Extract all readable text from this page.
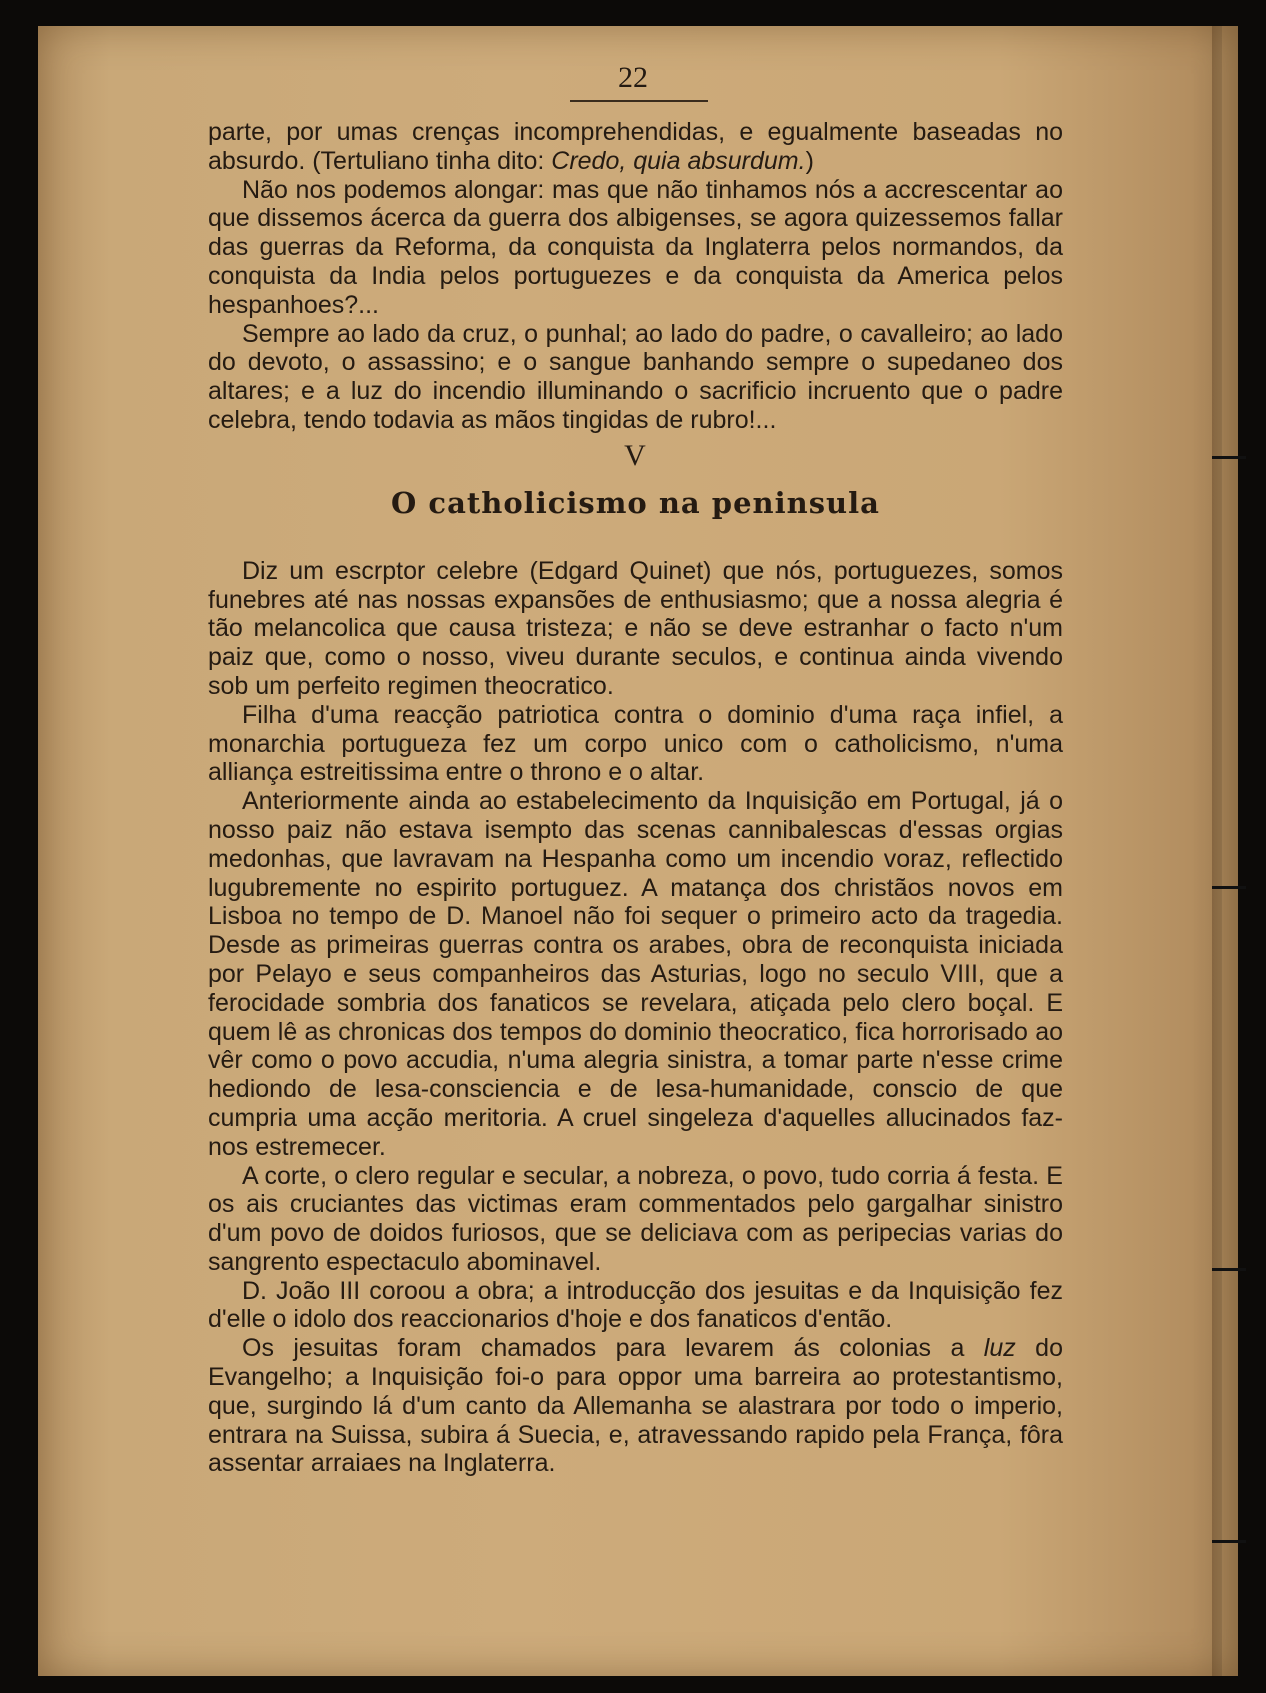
22

parte, por umas crenças incomprehendidas, e egualmente baseadas no absurdo. (Tertuliano tinha dito: Credo, quia absurdum.)

Não nos podemos alongar: mas que não tinhamos nós a accrescentar ao que dissemos ácerca da guerra dos albigenses, se agora quizessemos fallar das guerras da Reforma, da conquista da Inglaterra pelos normandos, da conquista da India pelos portuguezes e da conquista da America pelos hespanhoes?...

Sempre ao lado da cruz, o punhal; ao lado do padre, o cavalleiro; ao lado do devoto, o assassino; e o sangue banhando sempre o supedaneo dos altares; e a luz do incendio illuminando o sacrificio incruento que o padre celebra, tendo todavia as mãos tingidas de rubro!...

V
O catholicismo na peninsula

Diz um escrptor celebre (Edgard Quinet) que nós, portuguezes, somos funebres até nas nossas expansões de enthusiasmo; que a nossa alegria é tão melancolica que causa tristeza; e não se deve estranhar o facto n'um paiz que, como o nosso, viveu durante seculos, e continua ainda vivendo sob um perfeito regimen theocratico.

Filha d'uma reacção patriotica contra o dominio d'uma raça infiel, a monarchia portugueza fez um corpo unico com o catholicismo, n'uma alliança estreitissima entre o throno e o altar.

Anteriormente ainda ao estabelecimento da Inquisição em Portugal, já o nosso paiz não estava isempto das scenas cannibalescas d'essas orgias medonhas, que lavravam na Hespanha como um incendio voraz, reflectido lugubremente no espirito portuguez. A matança dos christãos novos em Lisboa no tempo de D. Manoel não foi sequer o primeiro acto da tragedia. Desde as primeiras guerras contra os arabes, obra de reconquista iniciada por Pelayo e seus companheiros das Asturias, logo no seculo VIII, que a ferocidade sombria dos fanaticos se revelara, atiçada pelo clero boçal. E quem lê as chronicas dos tempos do dominio theocratico, fica horrorisado ao vêr como o povo accudia, n'uma alegria sinistra, a tomar parte n'esse crime hediondo de lesa-consciencia e de lesa-humanidade, conscio de que cumpria uma acção meritoria. A cruel singeleza d'aquelles allucinados faz-nos estremecer.

A corte, o clero regular e secular, a nobreza, o povo, tudo corria á festa. E os ais cruciantes das victimas eram commentados pelo gargalhar sinistro d'um povo de doidos furiosos, que se deliciava com as peripecias varias do sangrento espectaculo abominavel.

D. João III coroou a obra; a introducção dos jesuitas e da Inquisição fez d'elle o idolo dos reaccionarios d'hoje e dos fanaticos d'então.

Os jesuitas foram chamados para levarem ás colonias a luz do Evangelho; a Inquisição foi-o para oppor uma barreira ao protestantismo, que, surgindo lá d'um canto da Allemanha se alastrara por todo o imperio, entrara na Suissa, subira á Suecia, e, atravessando rapido pela França, fôra assentar arraiaes na Inglaterra.
